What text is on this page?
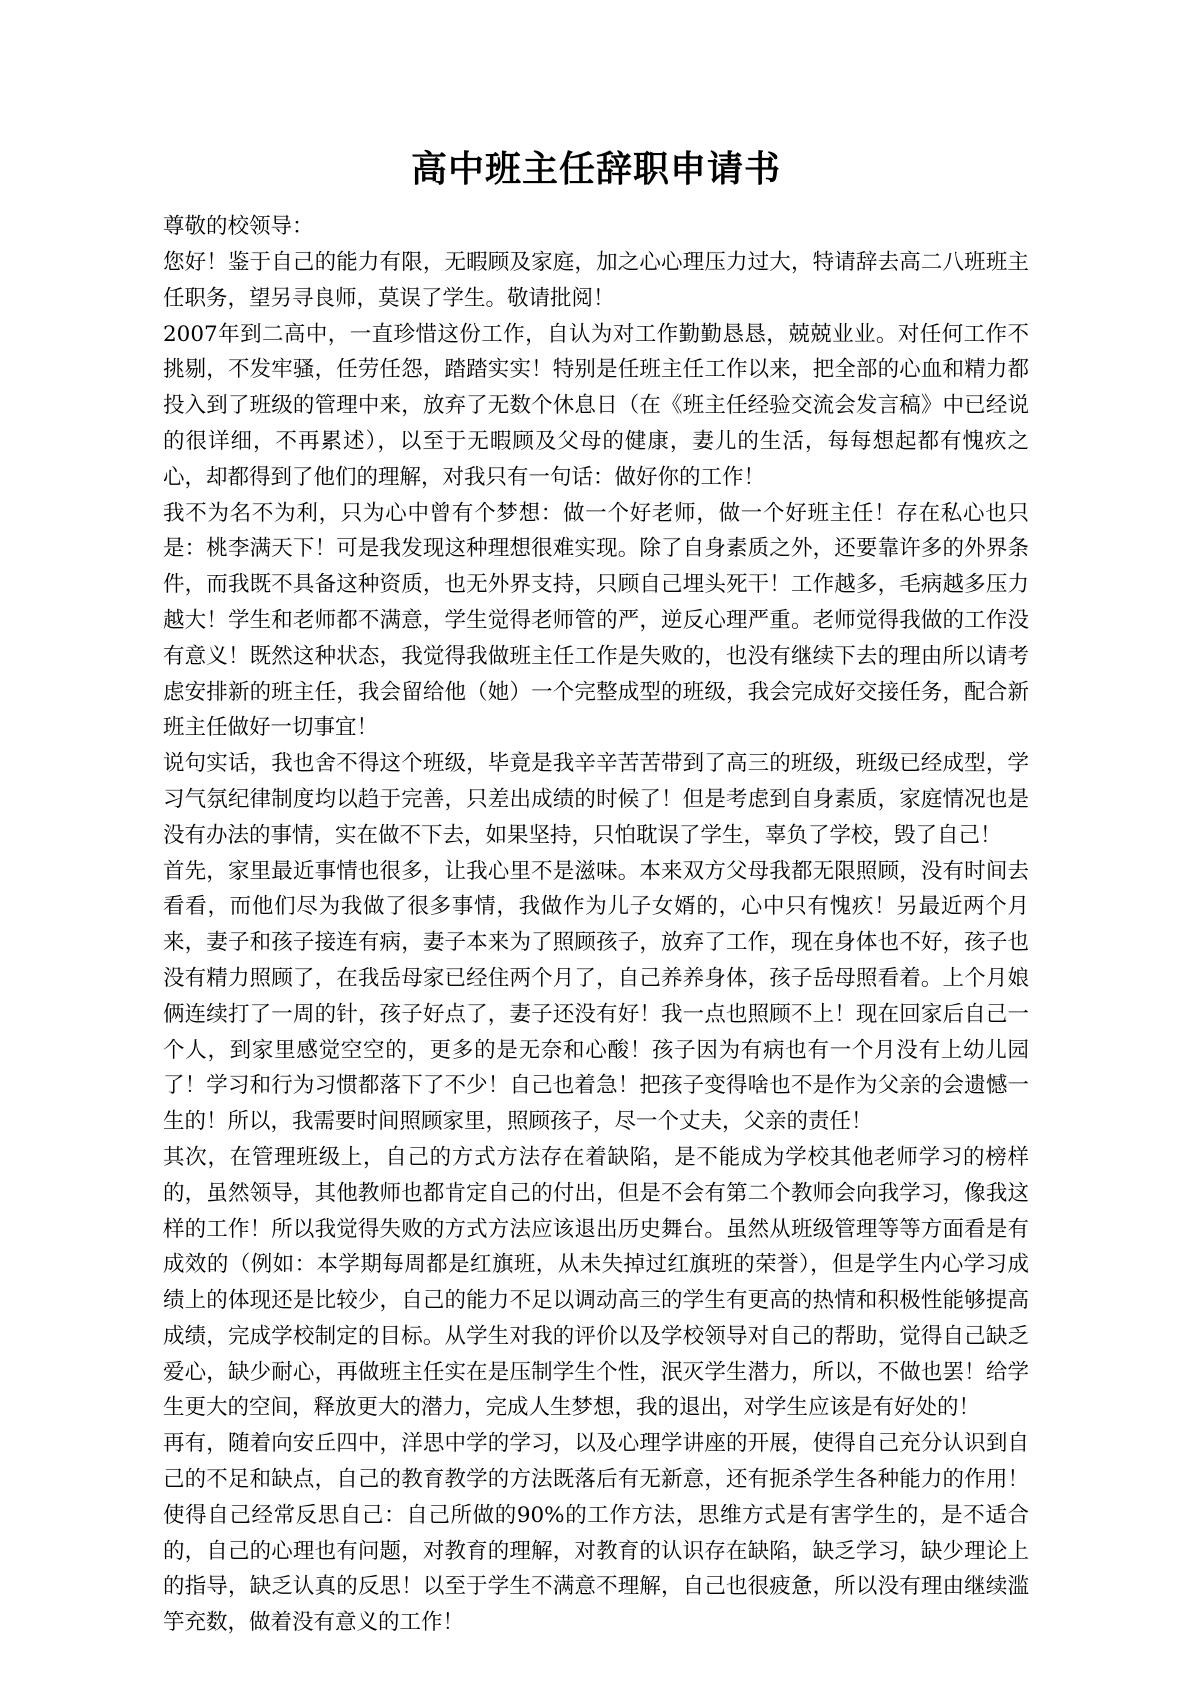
高中班主任辞职申请书

尊敬的校领导：

您好！鉴于自己的能力有限，无暇顾及家庭，加之心心理压力过大，特请辞去高二八班班主任职务，望另寻良师，莫误了学生。敬请批阅！

2007年到二高中，一直珍惜这份工作，自认为对工作勤勤恳恳，兢兢业业。对任何工作不挑剔，不发牢骚，任劳任怨，踏踏实实！特别是任班主任工作以来，把全部的心血和精力都投入到了班级的管理中来，放弃了无数个休息日（在《班主任经验交流会发言稿》中已经说的很详细，不再累述），以至于无暇顾及父母的健康，妻儿的生活，每每想起都有愧疚之心，却都得到了他们的理解，对我只有一句话：做好你的工作！

我不为名不为利，只为心中曾有个梦想：做一个好老师，做一个好班主任！存在私心也只是：桃李满天下！可是我发现这种理想很难实现。除了自身素质之外，还要靠许多的外界条件，而我既不具备这种资质，也无外界支持，只顾自己埋头死干！工作越多，毛病越多压力越大！学生和老师都不满意，学生觉得老师管的严，逆反心理严重。老师觉得我做的工作没有意义！既然这种状态，我觉得我做班主任工作是失败的，也没有继续下去的理由所以请考虑安排新的班主任，我会留给他（她）一个完整成型的班级，我会完成好交接任务，配合新班主任做好一切事宜！

说句实话，我也舍不得这个班级，毕竟是我辛辛苦苦带到了高三的班级，班级已经成型，学习气氛纪律制度均以趋于完善，只差出成绩的时候了！但是考虑到自身素质，家庭情况也是没有办法的事情，实在做不下去，如果坚持，只怕耽误了学生，辜负了学校，毁了自己！

首先，家里最近事情也很多，让我心里不是滋味。本来双方父母我都无限照顾，没有时间去看看，而他们尽为我做了很多事情，我做作为儿子女婿的，心中只有愧疚！另最近两个月来，妻子和孩子接连有病，妻子本来为了照顾孩子，放弃了工作，现在身体也不好，孩子也没有精力照顾了，在我岳母家已经住两个月了，自己养养身体，孩子岳母照看着。上个月娘俩连续打了一周的针，孩子好点了，妻子还没有好！我一点也照顾不上！现在回家后自己一个人，到家里感觉空空的，更多的是无奈和心酸！孩子因为有病也有一个月没有上幼儿园了！学习和行为习惯都落下了不少！自己也着急！把孩子变得啥也不是作为父亲的会遗憾一生的！所以，我需要时间照顾家里，照顾孩子，尽一个丈夫，父亲的责任！

其次，在管理班级上，自己的方式方法存在着缺陷，是不能成为学校其他老师学习的榜样的，虽然领导，其他教师也都肯定自己的付出，但是不会有第二个教师会向我学习，像我这样的工作！所以我觉得失败的方式方法应该退出历史舞台。虽然从班级管理等等方面看是有成效的（例如：本学期每周都是红旗班，从未失掉过红旗班的荣誉），但是学生内心学习成绩上的体现还是比较少，自己的能力不足以调动高三的学生有更高的热情和积极性能够提高成绩，完成学校制定的目标。从学生对我的评价以及学校领导对自己的帮助，觉得自己缺乏爱心，缺少耐心，再做班主任实在是压制学生个性，泯灭学生潜力，所以，不做也罢！给学生更大的空间，释放更大的潜力，完成人生梦想，我的退出，对学生应该是有好处的！

再有，随着向安丘四中，洋思中学的学习，以及心理学讲座的开展，使得自己充分认识到自己的不足和缺点，自己的教育教学的方法既落后有无新意，还有扼杀学生各种能力的作用！使得自己经常反思自己：自己所做的90%的工作方法，思维方式是有害学生的，是不适合的，自己的心理也有问题，对教育的理解，对教育的认识存在缺陷，缺乏学习，缺少理论上的指导，缺乏认真的反思！以至于学生不满意不理解，自己也很疲惫，所以没有理由继续滥竽充数，做着没有意义的工作！
